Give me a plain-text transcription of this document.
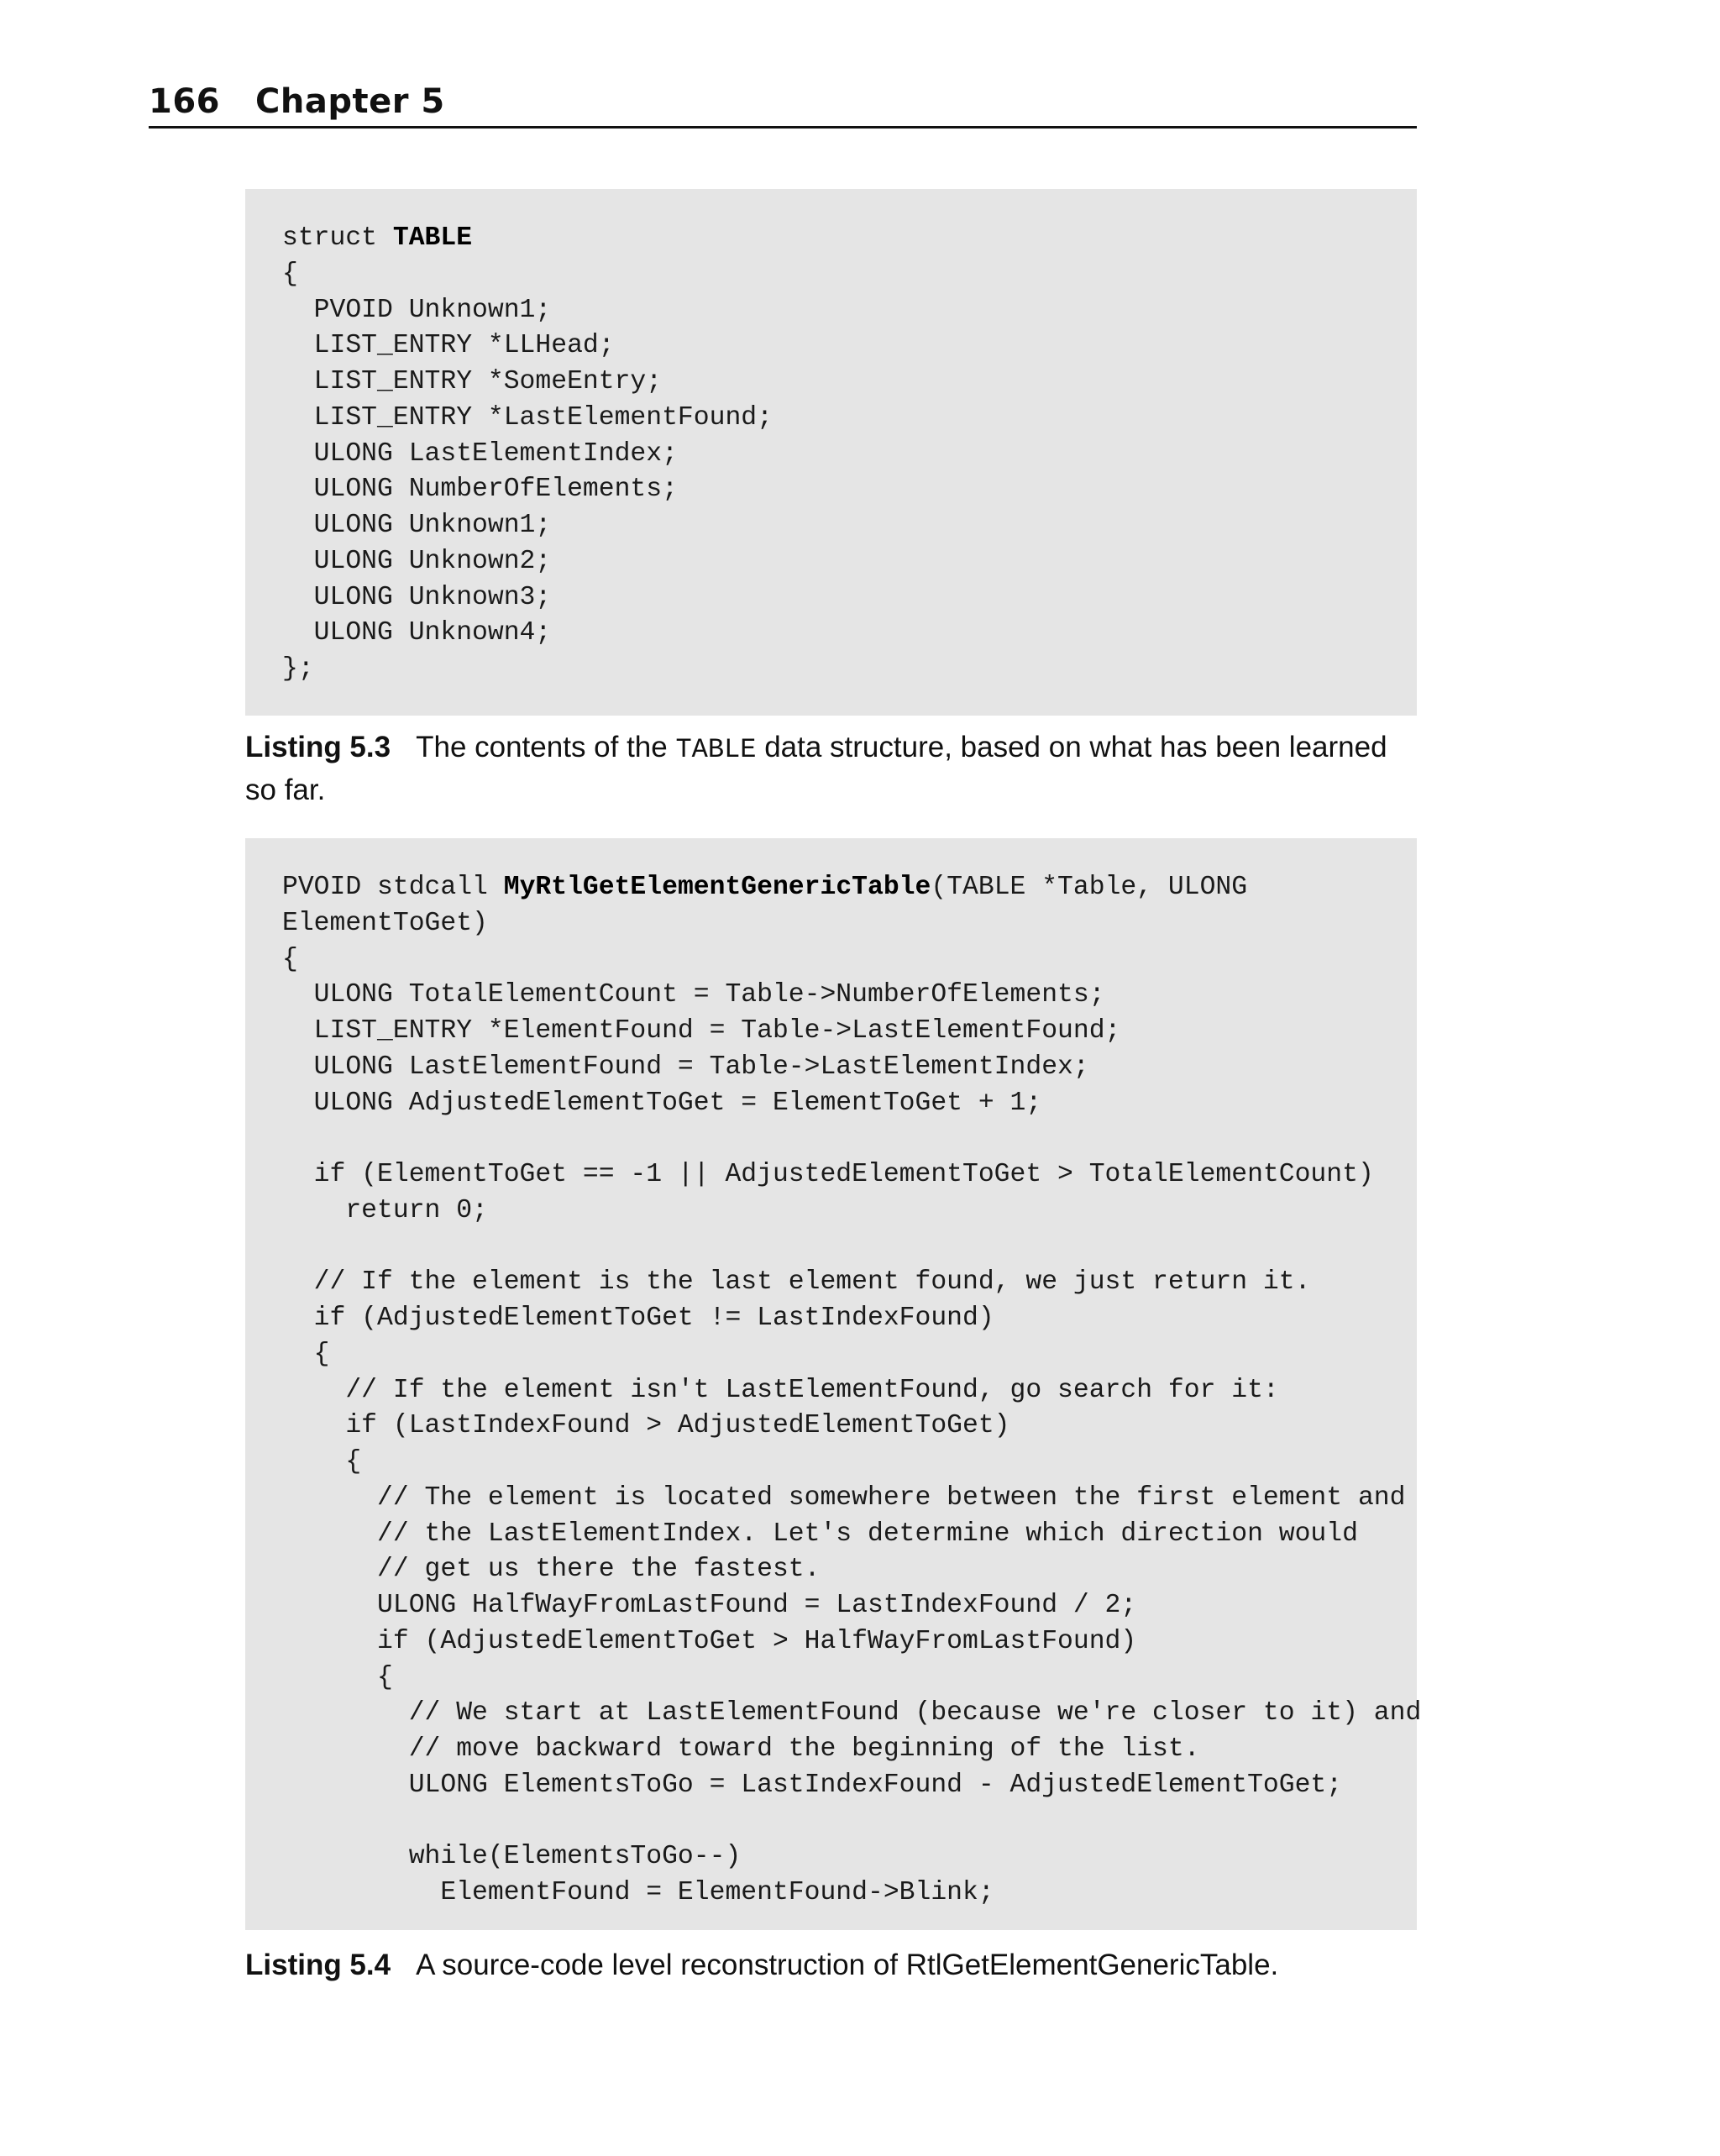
166 Chapter 5
struct TABLE
{
PVOID Unknown1;
LIST_ENTRY *LLHead;
LIST_ENTRY *SomeEntry;
LIST_ENTRY *LastElementFound;
ULONG LastElementIndex;
ULONG NumberOfElements;
ULONG Unknown1;
ULONG Unknown2;
ULONG Unknown3;
ULONG Unknown4;
};
Listing 5.3 The contents of the TABLE data structure, based on what has been learned so far.
PVOID stdcall MyRtlGetElementGenericTable(TABLE *Table, ULONG
ElementToGet)
{
ULONG TotalElementCount = Table->NumberOfElements;
LIST_ENTRY *ElementFound = Table->LastElementFound;
ULONG LastElementFound = Table->LastElementIndex;
ULONG AdjustedElementToGet = ElementToGet + 1;
if (ElementToGet == -1 || AdjustedElementToGet > TotalElementCount)
return 0;
// If the element is the last element found, we just return it.
if (AdjustedElementToGet != LastIndexFound)
{
// If the element isn't LastElementFound, go search for it:
if (LastIndexFound > AdjustedElementToGet)
{
// The element is located somewhere between the first element and
// the LastElementIndex. Let's determine which direction would
// get us there the fastest.
ULONG HalfWayFromLastFound = LastIndexFound / 2;
if (AdjustedElementToGet > HalfWayFromLastFound)
{
// We start at LastElementFound (because we're closer to it) and
// move backward toward the beginning of the list.
ULONG ElementsToGo = LastIndexFound - AdjustedElementToGet;
while(ElementsToGo--)
ElementFound = ElementFound->Blink;
Listing 5.4 A source-code level reconstruction of RtlGetElementGenericTable.
